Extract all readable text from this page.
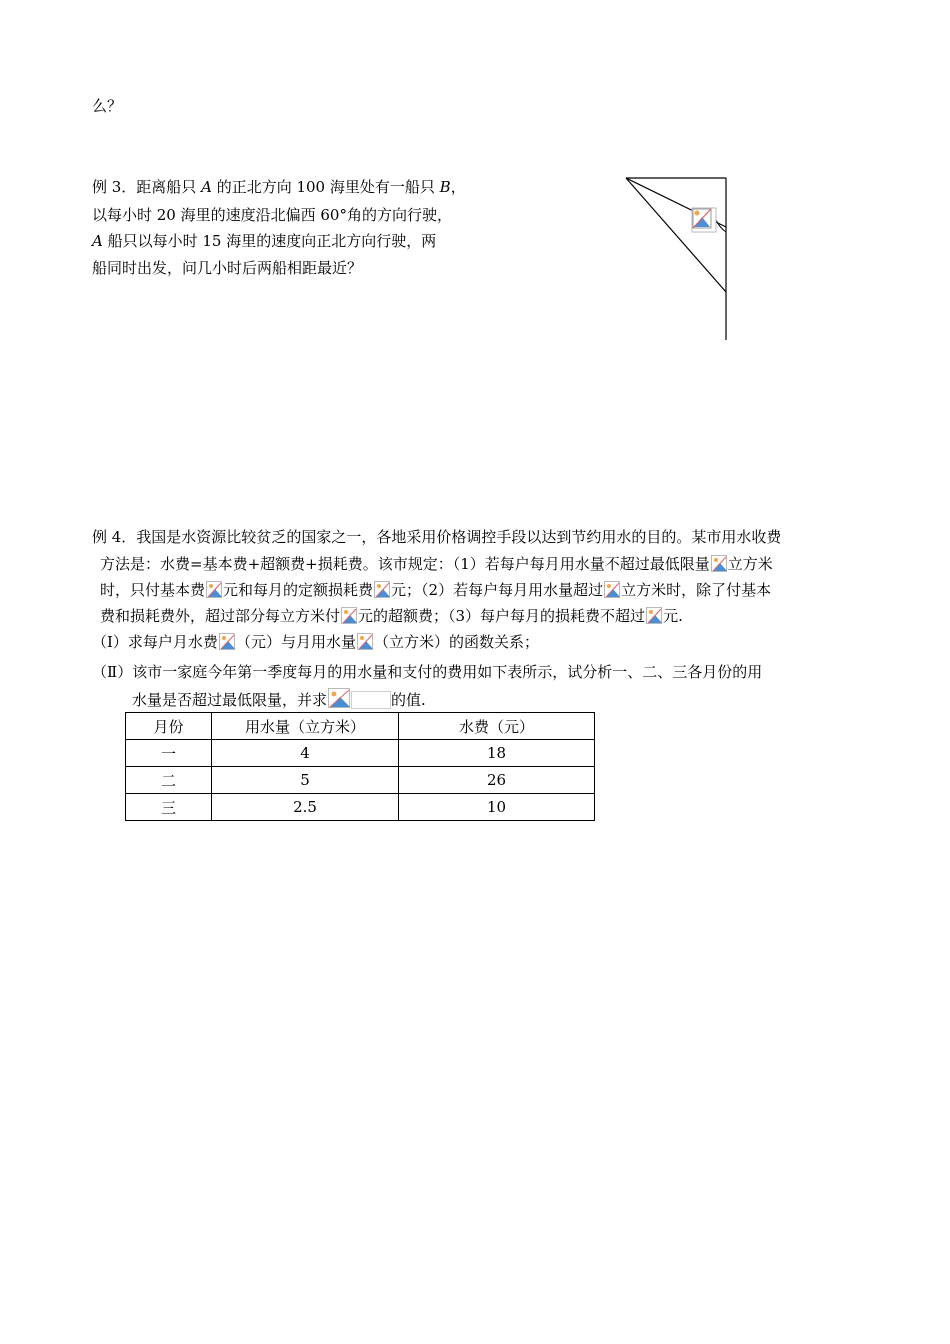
么？
例 3．距离船只 A 的正北方向 100 海里处有一船只 B，
以每小时 20 海里的速度沿北偏西 60°角的方向行驶，
A 船只以每小时 15 海里的速度向正北方向行驶，两
船同时出发，问几小时后两船相距最近？
例 4．我国是水资源比较贫乏的国家之一，各地采用价格调控手段以达到节约用水的目的。某市用水收费
方法是：水费=基本费+超额费+损耗费。该市规定：（1）若每户每月用水量不超过最低限量 立方米
时，只付基本费 元和每月的定额损耗费 元；（2）若每户每月用水量超过 立方米时，除了付基本
费和损耗费外，超过部分每立方米付 元的超额费；（3）每户每月的损耗费不超过 元.
（Ⅰ）求每户月水费 （元）与月用水量 （立方米）的函数关系；
（Ⅱ）该市一家庭今年第一季度每月的用水量和支付的费用如下表所示，试分析一、二、三各月份的用
水量是否超过最低限量，并求	的值.
月份	用水量（立方米）	水费（元）
一	4	18
二	5	26
三	2.5	10
